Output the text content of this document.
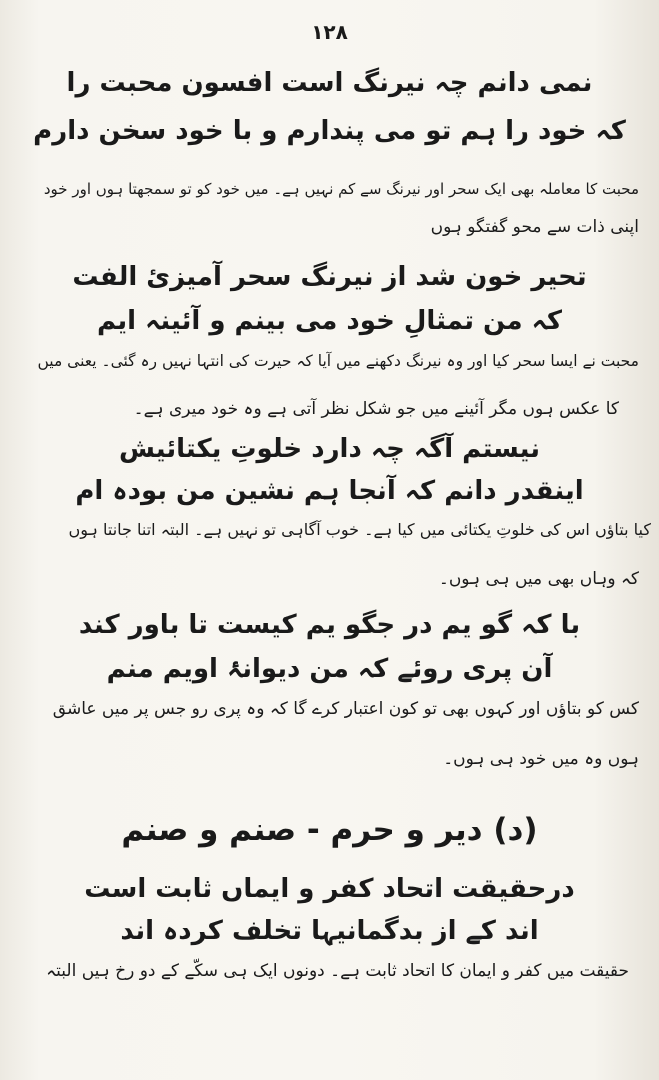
۱۲۸
نمی دانم چہ نیرنگ است افسون محبت را
کہ خود را ہم تو می پندارم و با خود سخن دارم
محبت کا معاملہ بھی ایک سحر اور نیرنگ سے کم نہیں ہے۔ میں خود کو تو سمجھتا ہوں اور خود
اپنی ذات سے محو گفتگو ہوں
تحیر خون شد از نیرنگ سحر آمیزئ الفت
کہ من تمثالِ خود می بینم و آئینہ ایم
محبت نے ایسا سحر کیا اور وہ نیرنگ دکھنے میں آیا کہ حیرت کی انتہا نہیں رہ گئی۔ یعنی میں
کا عکس ہوں مگر آئینے میں جو شکل نظر آتی ہے وہ خود میری ہے۔
نیستم آگہ چہ دارد خلوتِ یکتائیش
اینقدر دانم کہ آنجا ہم نشین من بودہ ام
کیا بتاؤں اس کی خلوتِ یکتائی میں کیا ہے۔ خوب آگاہی تو نہیں ہے۔ البتہ اتنا جانتا ہوں
کہ وہاں بھی میں ہی ہوں۔
با کہ گو یم در جگو یم کیست تا باور کند
آن پری روئے کہ من دیوانۂ اویم منم
کس کو بتاؤں اور کہوں بھی تو کون اعتبار کرے گا کہ وہ پری رو جس پر میں عاشق
ہوں وہ میں خود ہی ہوں۔
(د) دیر و حرم - صنم و صنم
درحقیقت اتحاد کفر و ایماں ثابت است
اند کے از بدگمانیہا تخلف کردہ اند
حقیقت میں کفر و ایمان کا اتحاد ثابت ہے۔ دونوں ایک ہی سکّے کے دو رخ ہیں البتہ
